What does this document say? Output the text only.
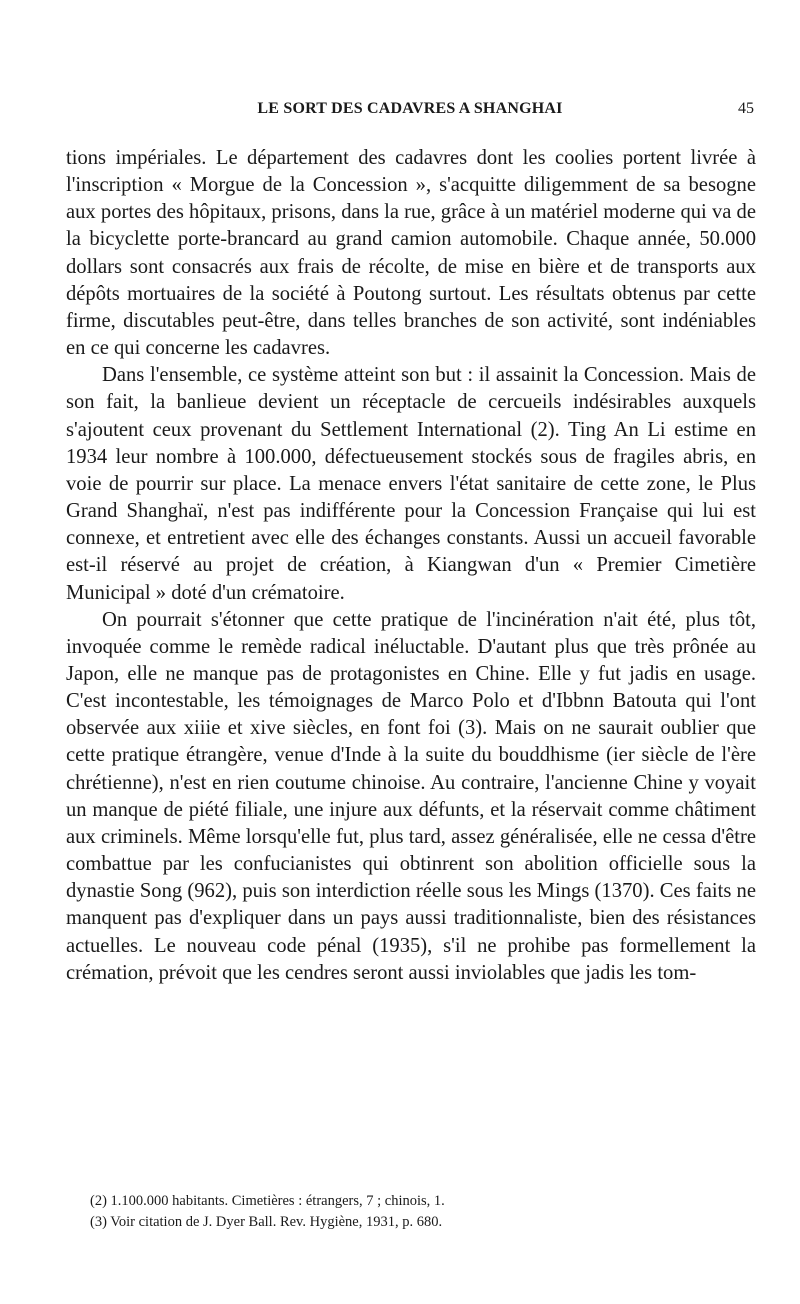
LE SORT DES CADAVRES A SHANGHAI	45

tions impériales. Le département des cadavres dont les coolies portent livrée à l'inscription « Morgue de la Concession », s'acquitte diligemment de sa besogne aux portes des hôpitaux, prisons, dans la rue, grâce à un matériel moderne qui va de la bicyclette porte-brancard au grand camion automobile. Chaque année, 50.000 dollars sont consacrés aux frais de récolte, de mise en bière et de transports aux dépôts mortuaires de la société à Poutong surtout. Les résultats obtenus par cette firme, discutables peut-être, dans telles branches de son activité, sont indéniables en ce qui concerne les cadavres.

Dans l'ensemble, ce système atteint son but : il assainit la Concession. Mais de son fait, la banlieue devient un réceptacle de cercueils indésirables auxquels s'ajoutent ceux provenant du Settlement International (2). Ting An Li estime en 1934 leur nombre à 100.000, défectueusement stockés sous de fragiles abris, en voie de pourrir sur place. La menace envers l'état sanitaire de cette zone, le Plus Grand Shanghaï, n'est pas indifférente pour la Concession Française qui lui est connexe, et entretient avec elle des échanges constants. Aussi un accueil favorable est-il réservé au projet de création, à Kiangwan d'un « Premier Cimetière Municipal » doté d'un crématoire.

On pourrait s'étonner que cette pratique de l'incinération n'ait été, plus tôt, invoquée comme le remède radical inéluctable. D'autant plus que très prônée au Japon, elle ne manque pas de protagonistes en Chine. Elle y fut jadis en usage. C'est incontestable, les témoignages de Marco Polo et d'Ibbnn Batouta qui l'ont observée aux xiiie et xive siècles, en font foi (3). Mais on ne saurait oublier que cette pratique étrangère, venue d'Inde à la suite du bouddhisme (ier siècle de l'ère chrétienne), n'est en rien coutume chinoise. Au contraire, l'ancienne Chine y voyait un manque de piété filiale, une injure aux défunts, et la réservait comme châtiment aux criminels. Même lorsqu'elle fut, plus tard, assez généralisée, elle ne cessa d'être combattue par les confucianistes qui obtinrent son abolition officielle sous la dynastie Song (962), puis son interdiction réelle sous les Mings (1370). Ces faits ne manquent pas d'expliquer dans un pays aussi traditionnaliste, bien des résistances actuelles. Le nouveau code pénal (1935), s'il ne prohibe pas formellement la crémation, prévoit que les cendres seront aussi inviolables que jadis les tom-

(2) 1.100.000 habitants. Cimetières : étrangers, 7 ; chinois, 1.

(3) Voir citation de J. Dyer Ball. Rev. Hygiène, 1931, p. 680.
